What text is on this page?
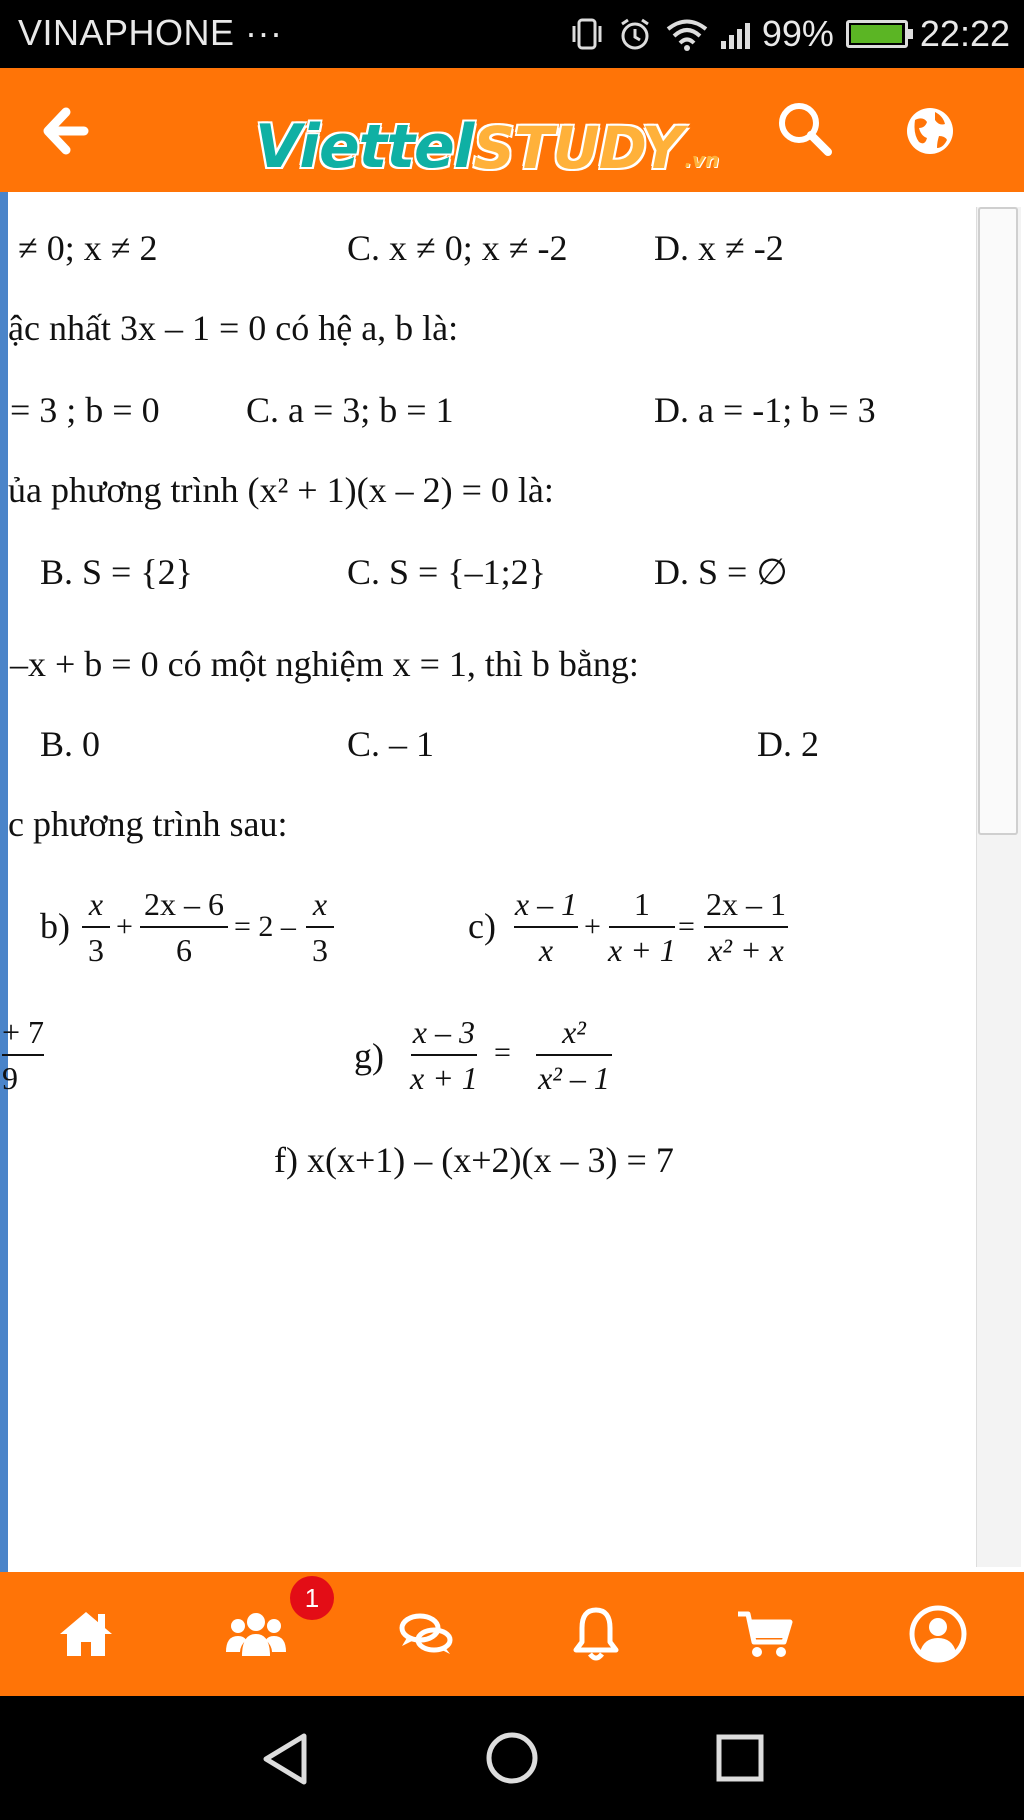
VINAPHONE ···	99% 22:22
Viettel STUDY .vn
≠ 0; x ≠ 2	C. x ≠ 0; x ≠ -2 D. x ≠ -2
ậc nhất 3x – 1 = 0 có hệ a, b là:
= 3 ; b = 0 C. a = 3; b = 1	D. a = -1; b = 3
ủa phương trình (x² + 1)(x – 2) = 0 là:
B. S = {2}	C. S = {–1;2}	D. S = ∅
–x + b = 0 có một nghiệm x = 1, thì b bằng:
B. 0	C. – 1	D. 2
c phương trình sau:
b)
x
3
+
2x – 6
6
= 2 –
x
3
c)
x – 1
x
+
1
x + 1
=
2x – 1
x² + x
+ 7
9
g)
x – 3
x + 1
=
x²
x² – 1
f) x(x+1) – (x+2)(x – 3) = 7
1
